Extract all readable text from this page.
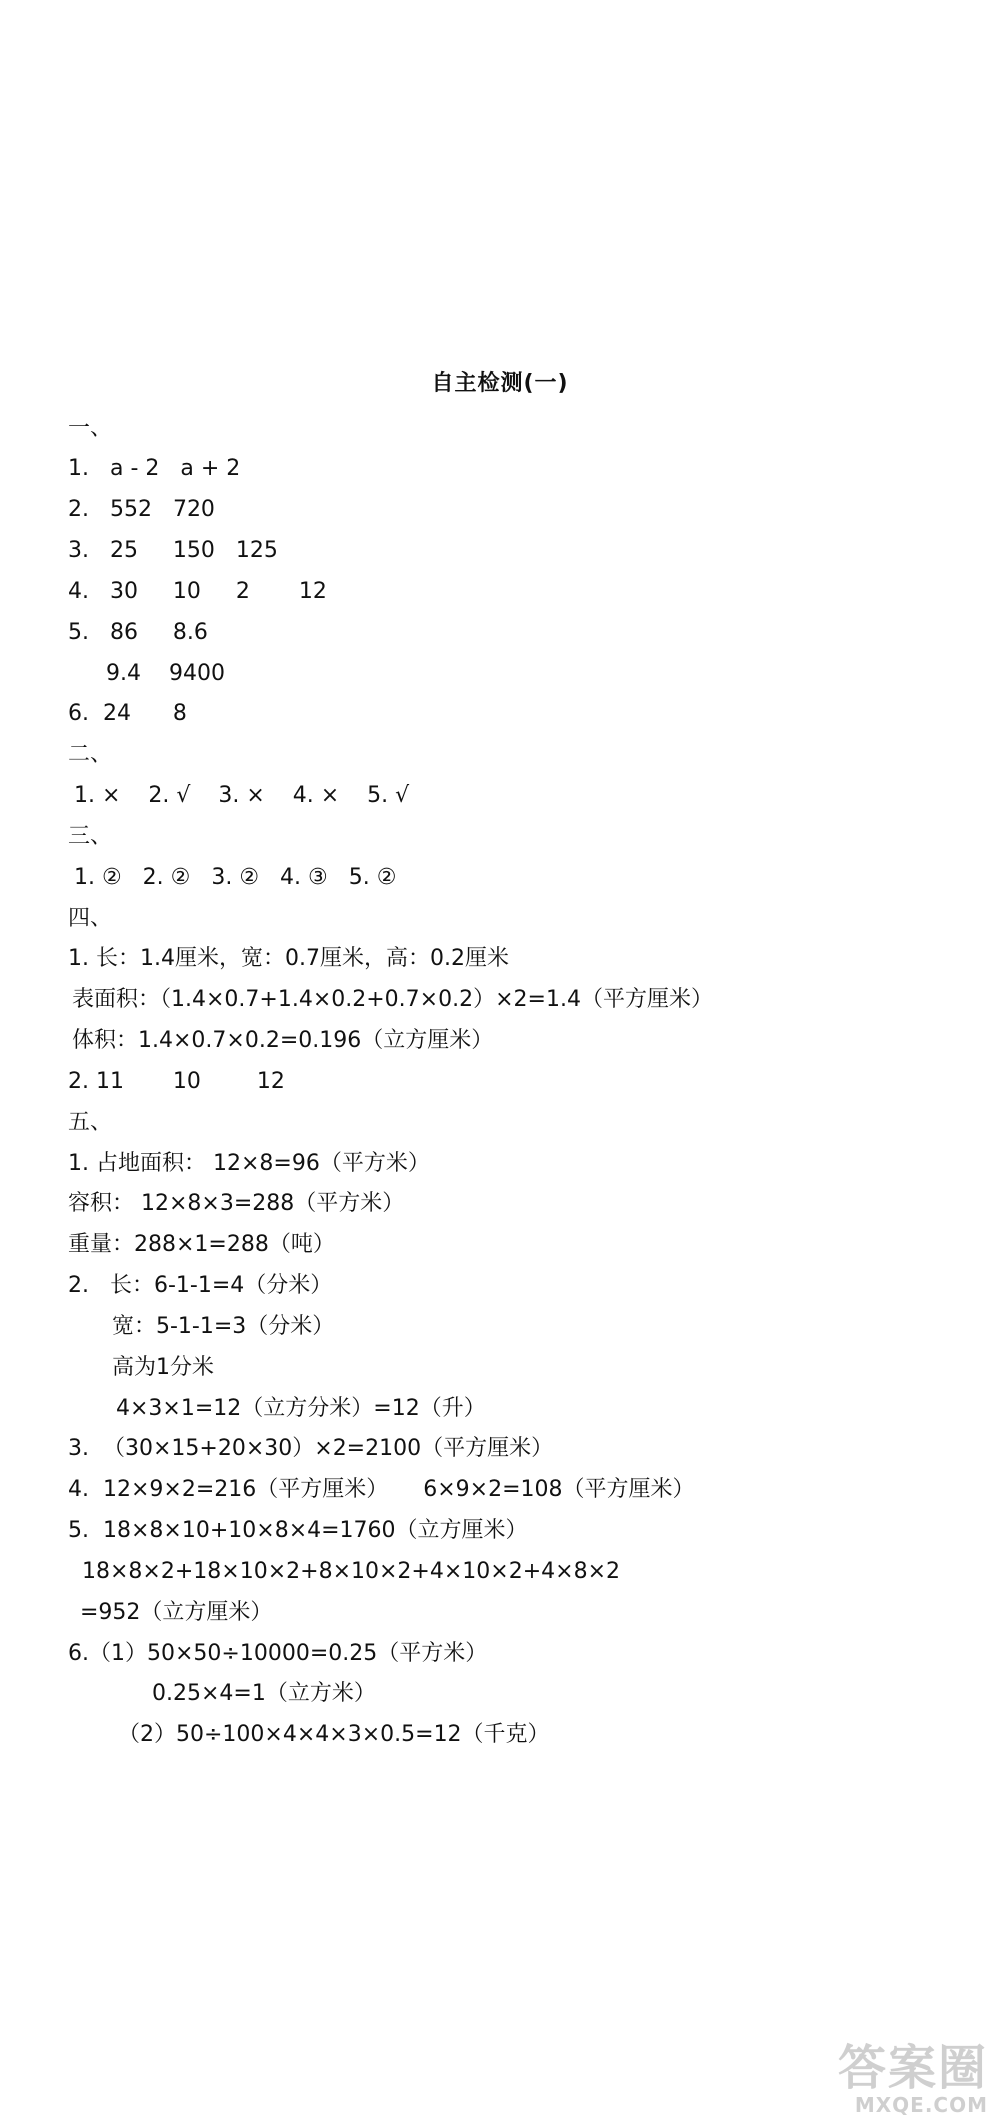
自主检测(一)
一、
1.   a - 2   a + 2
2.   552   720
3.   25     150   125
4.   30     10     2       12
5.   86     8.6
9.4    9400
6.  24      8
二、
1. ×    2. √    3. ×    4. ×    5. √
三、
1. ②   2. ②   3. ②   4. ③   5. ②
四、
1. 长：1.4厘米，宽：0.7厘米，高：0.2厘米
表面积：（1.4×0.7+1.4×0.2+0.7×0.2）×2=1.4（平方厘米）
体积：1.4×0.7×0.2=0.196（立方厘米）
2. 11       10        12
五、
1. 占地面积： 12×8=96（平方米）
容积： 12×8×3=288（平方米）
重量：288×1=288（吨）
2.   长：6-1-1=4（分米）
宽：5-1-1=3（分米）
高为1分米
4×3×1=12（立方分米）=12（升）
3.  （30×15+20×30）×2=2100（平方厘米）
4.  12×9×2=216（平方厘米）     6×9×2=108（平方厘米）
5.  18×8×10+10×8×4=1760（立方厘米）
18×8×2+18×10×2+8×10×2+4×10×2+4×8×2
=952（立方厘米）
6.（1）50×50÷10000=0.25（平方米）
0.25×4=1（立方米）
（2）50÷100×4×4×3×0.5=12（千克）
答案圈
MXQE.COM
